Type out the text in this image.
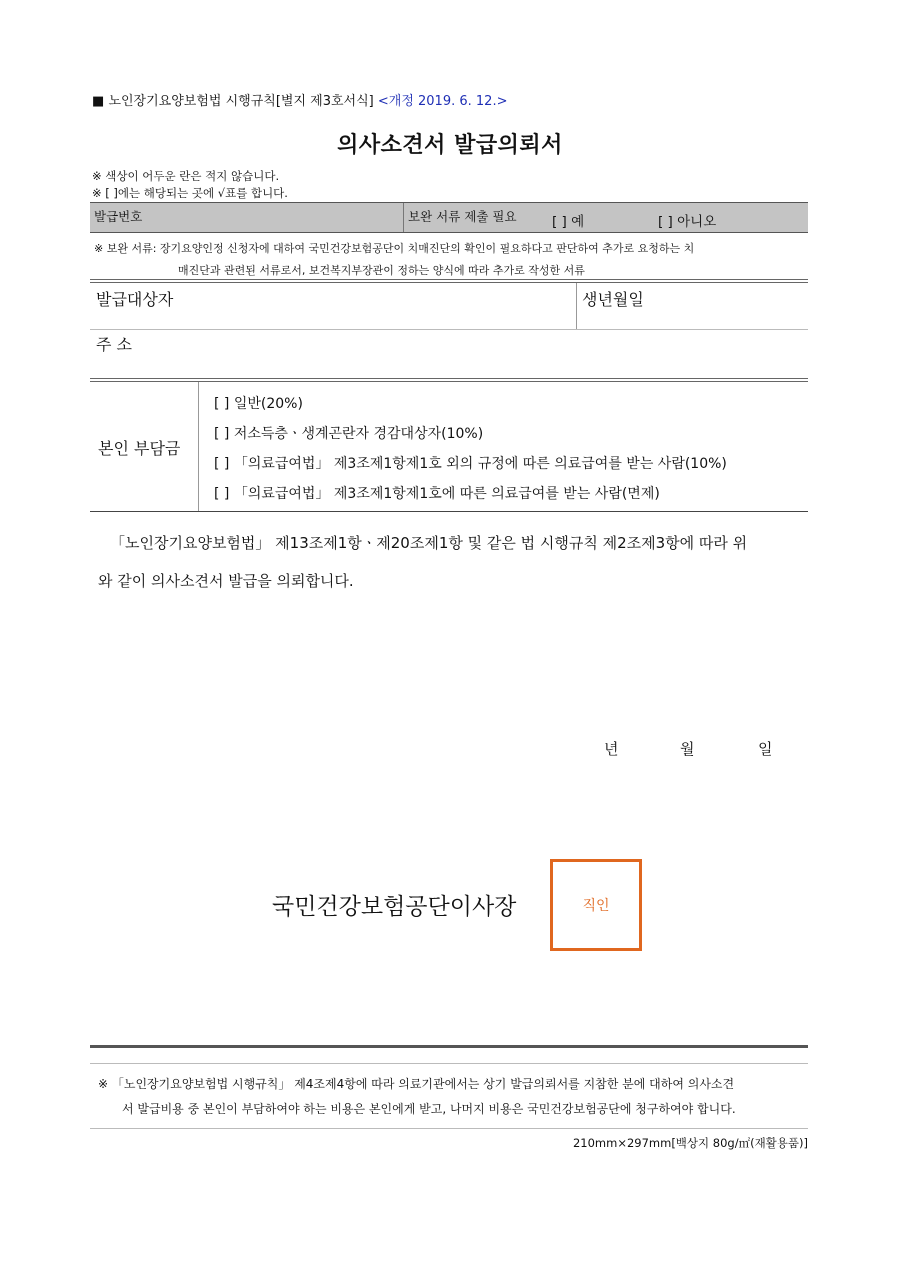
■ 노인장기요양보험법 시행규칙[별지 제3호서식] <개정 2019. 6. 12.>
의사소견서 발급의뢰서
※ 색상이 어두운 란은 적지 않습니다.
※ [ ]에는 해당되는 곳에 √표를 합니다.
발급번호	보완 서류 제출 필요	[ ] 예	[ ] 아니오
※ 보완 서류: 장기요양인정 신청자에 대하여 국민건강보험공단이 치매진단의 확인이 필요하다고 판단하여 추가로 요청하는 치
매진단과 관련된 서류로서, 보건복지부장관이 정하는 양식에 따라 추가로 작성한 서류
발급대상자	생년월일
주 소
본인 부담금
[ ] 일반(20%)
[ ] 저소득층ㆍ생계곤란자 경감대상자(10%)
[ ] 「의료급여법」 제3조제1항제1호 외의 규정에 따른 의료급여를 받는 사람(10%)
[ ] 「의료급여법」 제3조제1항제1호에 따른 의료급여를 받는 사람(면제)
「노인장기요양보험법」 제13조제1항ㆍ제20조제1항 및 같은 법 시행규칙 제2조제3항에 따라 위
와 같이 의사소견서 발급을 의뢰합니다.
년	월	일
국민건강보험공단이사장	직인
※ 「노인장기요양보험법 시행규칙」 제4조제4항에 따라 의료기관에서는 상기 발급의뢰서를 지참한 분에 대하여 의사소견
서 발급비용 중 본인이 부담하여야 하는 비용은 본인에게 받고, 나머지 비용은 국민건강보험공단에 청구하여야 합니다.
210mm×297mm[백상지 80g/㎡(재활용품)]
